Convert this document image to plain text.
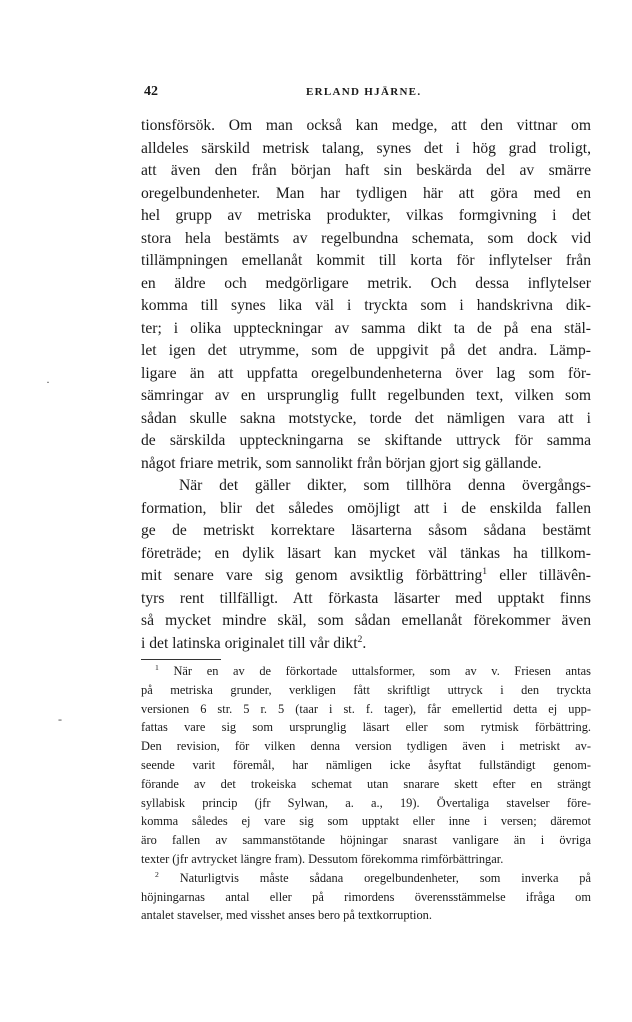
42	ERLAND HJÄRNE.
tionsförsök. Om man också kan medge, att den vittnar om
alldeles särskild metrisk talang, synes det i hög grad troligt,
att även den från början haft sin beskärda del av smärre
oregelbundenheter. Man har tydligen här att göra med en
hel grupp av metriska produkter, vilkas formgivning i det
stora hela bestämts av regelbundna schemata, som dock vid
tillämpningen emellanåt kommit till korta för inflytelser från
en äldre och medgörligare metrik. Och dessa inflytelser
komma till synes lika väl i tryckta som i handskrivna dik-
ter; i olika uppteckningar av samma dikt ta de på ena stäl-
let igen det utrymme, som de uppgivit på det andra. Lämp-
ligare än att uppfatta oregelbundenheterna över lag som för-
sämringar av en ursprunglig fullt regelbunden text, vilken som
sådan skulle sakna motstycke, torde det nämligen vara att i
de särskilda uppteckningarna se skiftande uttryck för samma
något friare metrik, som sannolikt från början gjort sig gällande.
När det gäller dikter, som tillhöra denna övergångs-
formation, blir det således omöjligt att i de enskilda fallen
ge de metriskt korrektare läsarterna såsom sådana bestämt
företräde; en dylik läsart kan mycket väl tänkas ha tillkom-
mit senare vare sig genom avsiktlig förbättring$^1$ eller tillävên-
tyrs rent tillfälligt. Att förkasta läsarter med upptakt finns
så mycket mindre skäl, som sådan emellanåt förekommer även
i det latinska originalet till vår dikt$^2$.
$^1$ När en av de förkortade uttalsformer, som av v. Friesen antas
på metriska grunder, verkligen fått skriftligt uttryck i den tryckta
versionen 6 str. 5 r. 5 (taar i st. f. tager), får emellertid detta ej upp-
fattas vare sig som ursprunglig läsart eller som rytmisk förbättring.
Den revision, för vilken denna version tydligen även i metriskt av-
seende varit föremål, har nämligen icke åsyftat fullständigt genom-
förande av det trokeiska schemat utan snarare skett efter en strängt
syllabisk princip (jfr Sylwan, a. a., 19). Övertaliga stavelser före-
komma således ej vare sig som upptakt eller inne i versen; däremot
äro fallen av sammanstötande höjningar snarast vanligare än i övriga
texter (jfr avtrycket längre fram). Dessutom förekomma rimförbättringar.
$^2$ Naturligtvis måste sådana oregelbundenheter, som inverka på
höjningarnas antal eller på rimordens överensstämmelse ifråga om
antalet stavelser, med visshet anses bero på textkorruption.
·
-
